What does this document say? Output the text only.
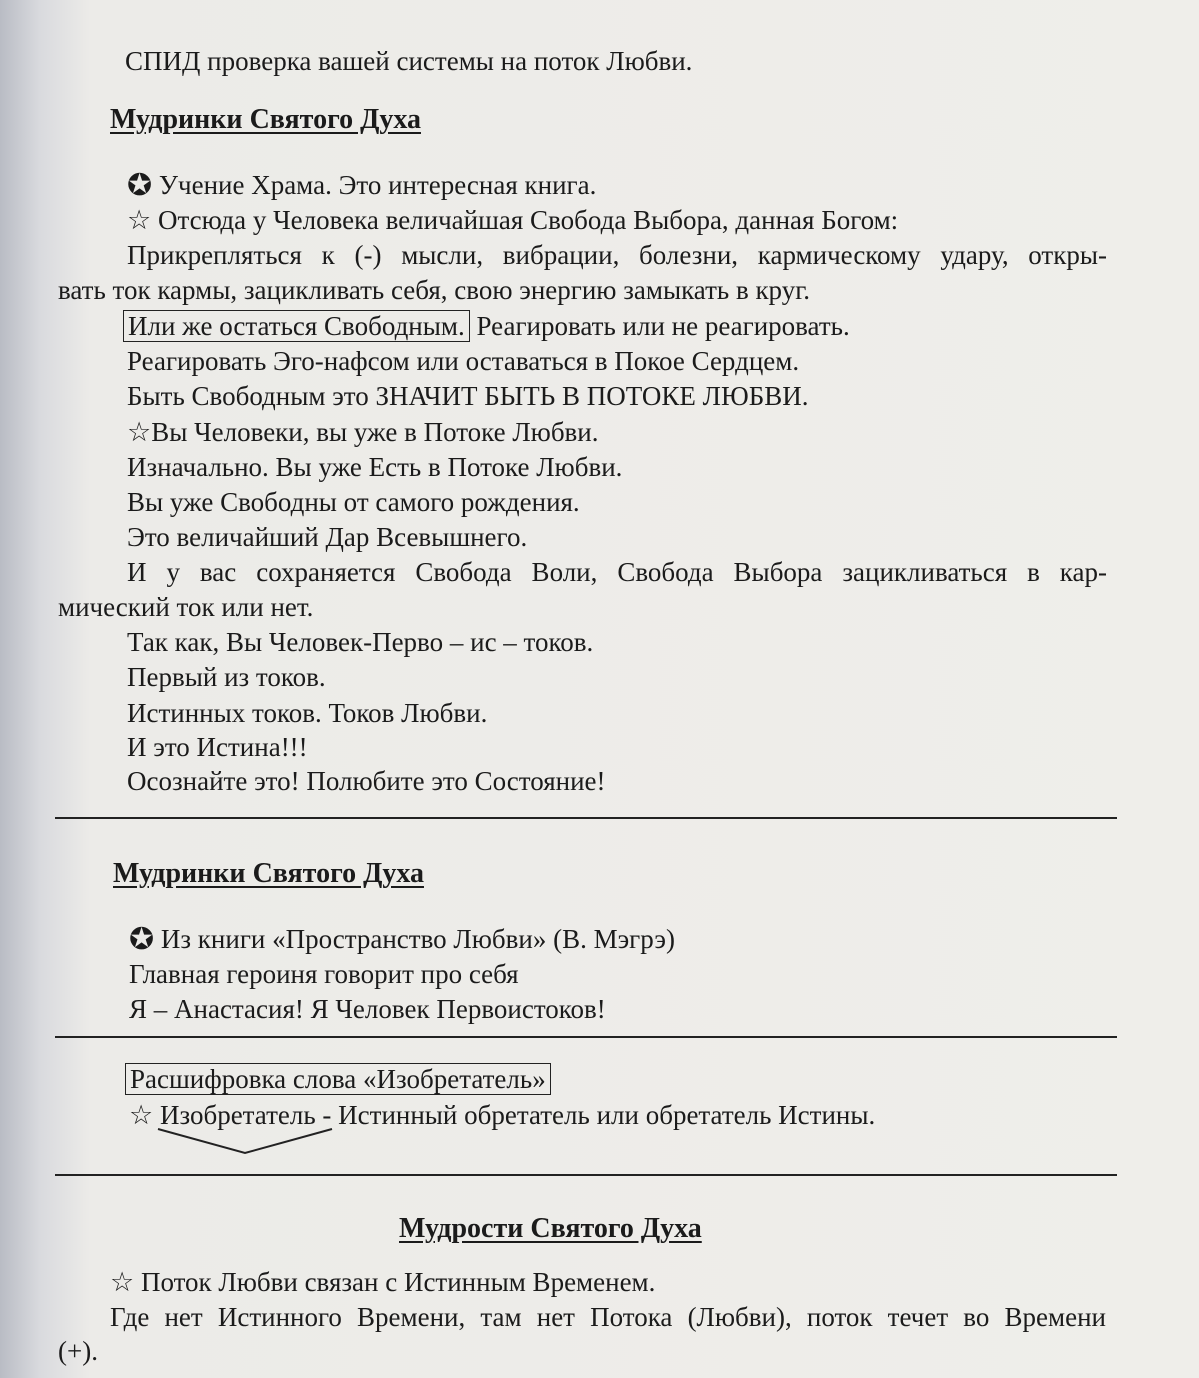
СПИД проверка вашей системы на поток Любви.
Мудринки Святого Духа
✪ Учение Храма. Это интересная книга.
☆ Отсюда у Человека величайшая Свобода Выбора, данная Богом:
Прикрепляться к (-) мысли, вибрации, болезни, кармическому удару, откры-
вать ток кармы, зацикливать себя, свою энергию замыкать в круг.
Или же остаться Свободным. Реагировать или не реагировать.
Реагировать Эго-нафсом или оставаться в Покое Сердцем.
Быть Свободным это ЗНАЧИТ БЫТЬ В ПОТОКЕ ЛЮБВИ.
☆Вы Человеки, вы уже в Потоке Любви.
Изначально. Вы уже Есть в Потоке Любви.
Вы уже Свободны от самого рождения.
Это величайший Дар Всевышнего.
И у вас сохраняется Свобода Воли, Свобода Выбора зацикливаться в кар-
мический ток или нет.
Так как, Вы Человек-Перво – ис – токов.
Первый из токов.
Истинных токов. Токов Любви.
И это Истина!!!
Осознайте это! Полюбите это Состояние!
Мудринки Святого Духа
✪ Из книги «Пространство Любви» (В. Мэгрэ)
Главная героиня говорит про себя
Я – Анастасия! Я Человек Первоистоков!
Расшифровка слова «Изобретатель»
☆ Изобретатель - Истинный обретатель или обретатель Истины.
Мудрости Святого Духа
☆ Поток Любви связан с Истинным Временем.
Где нет Истинного Времени, там нет Потока (Любви), поток течет во Времени
(+).
